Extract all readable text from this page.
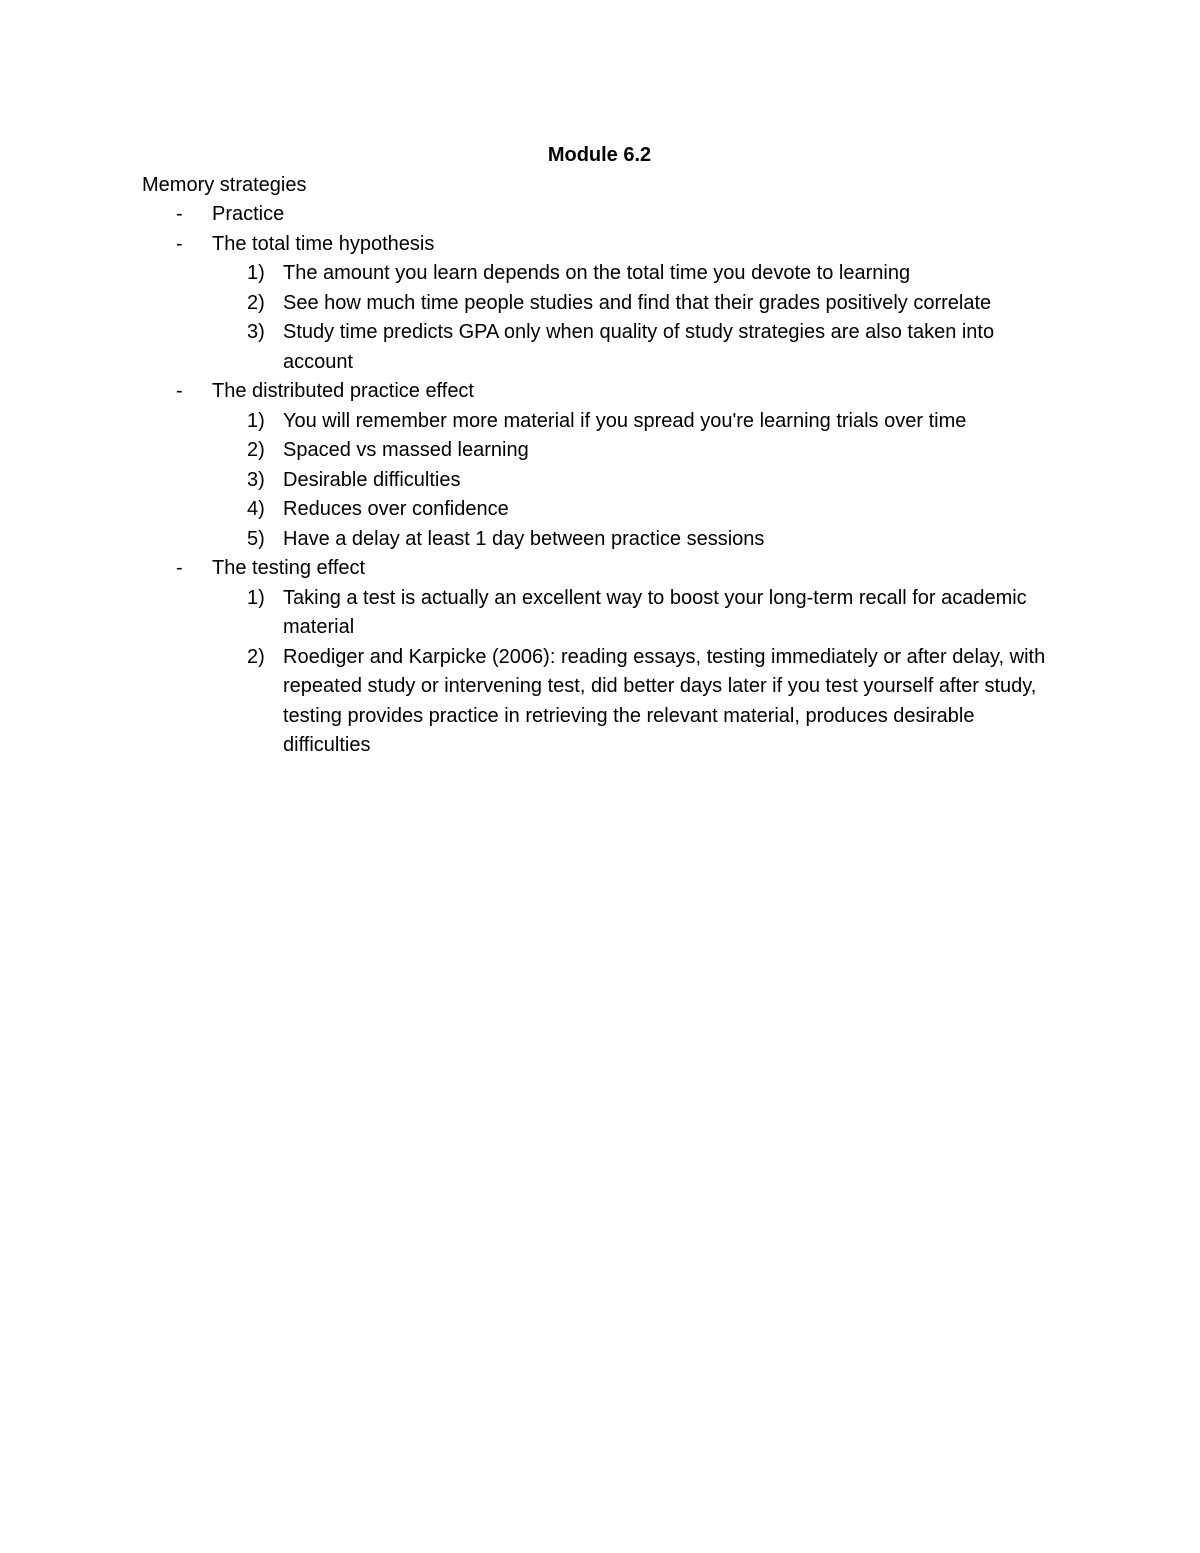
Module 6.2
Memory strategies
- Practice
- The total time hypothesis
1) The amount you learn depends on the total time you devote to learning
2) See how much time people studies and find that their grades positively correlate
3) Study time predicts GPA only when quality of study strategies are also taken into account
- The distributed practice effect
1) You will remember more material if you spread you're learning trials over time
2) Spaced vs massed learning
3) Desirable difficulties
4) Reduces over confidence
5) Have a delay at least 1 day between practice sessions
- The testing effect
1) Taking a test is actually an excellent way to boost your long-term recall for academic material
2) Roediger and Karpicke (2006): reading essays, testing immediately or after delay, with repeated study or intervening test, did better days later if you test yourself after study, testing provides practice in retrieving the relevant material, produces desirable difficulties
